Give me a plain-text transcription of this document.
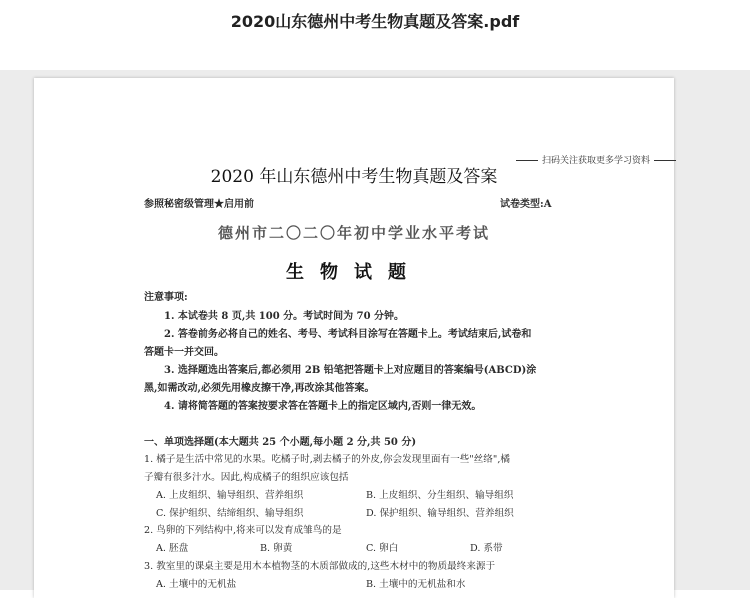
2020山东德州中考生物真题及答案.pdf
扫码关注获取更多学习资料
2020 年山东德州中考生物真题及答案
参照秘密级管理★启用前	试卷类型:A
德州市二〇二〇年初中学业水平考试
生物试题
注意事项:
1. 本试卷共 8 页,共 100 分。考试时间为 70 分钟。
2. 答卷前务必将自己的姓名、考号、考试科目涂写在答题卡上。考试结束后,试卷和
答题卡一并交回。
3. 选择题选出答案后,都必须用 2B 铅笔把答题卡上对应题目的答案编号(ABCD)涂
黑,如需改动,必须先用橡皮擦干净,再改涂其他答案。
4. 请将简答题的答案按要求答在答题卡上的指定区域内,否则一律无效。
一、单项选择题(本大题共 25 个小题,每小题 2 分,共 50 分)
1. 橘子是生活中常见的水果。吃橘子时,剥去橘子的外皮,你会发现里面有一些"丝络",橘
子瓣有很多汁水。因此,构成橘子的组织应该包括
A. 上皮组织、输导组织、营养组织	B. 上皮组织、分生组织、输导组织
C. 保护组织、结缔组织、输导组织	D. 保护组织、输导组织、营养组织
2. 鸟卵的下列结构中,将来可以发育成雏鸟的是
A. 胚盘	B. 卵黄	C. 卵白	D. 系带
3. 教室里的课桌主要是用木本植物茎的木质部做成的,这些木材中的物质最终来源于
A. 土壤中的无机盐	B. 土壤中的无机盐和水
